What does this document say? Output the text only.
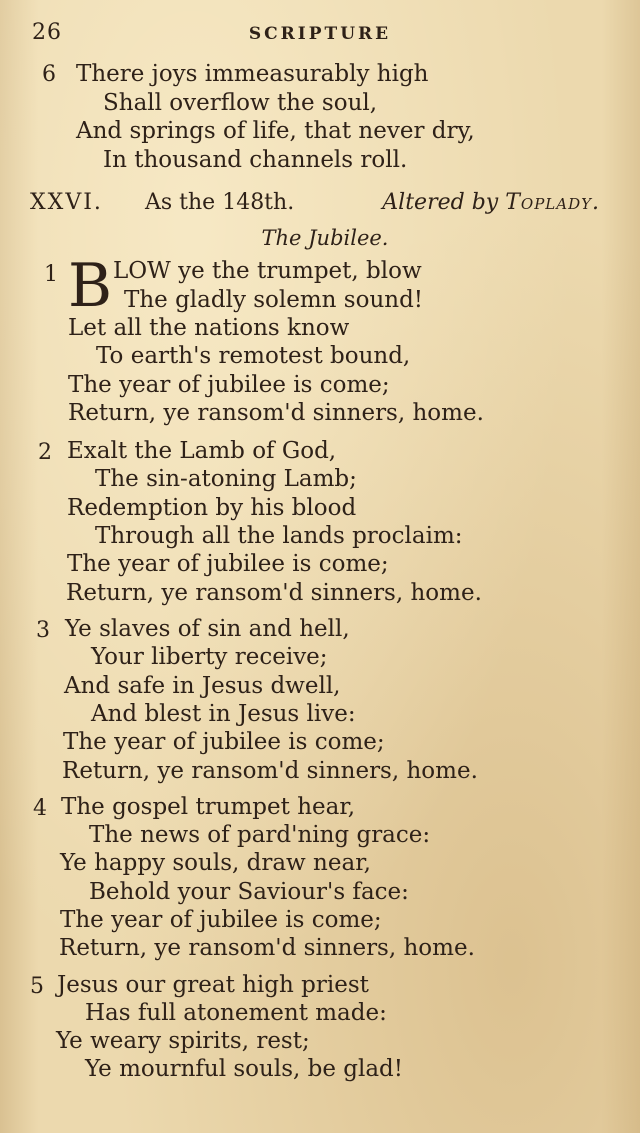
26	SCRIPTURE
6 There joys immeasurably high
Shall overflow the soul,
And springs of life, that never dry,
In thousand channels roll.
XXVI. As the 148th.	Altered by Toplady.
The Jubilee.
1 B LOW ye the trumpet, blow
The gladly solemn sound!
Let all the nations know
To earth's remotest bound,
The year of jubilee is come;
Return, ye ransom'd sinners, home.
2 Exalt the Lamb of God,
The sin-atoning Lamb;
Redemption by his blood
Through all the lands proclaim:
The year of jubilee is come;
Return, ye ransom'd sinners, home.
3 Ye slaves of sin and hell,
Your liberty receive;
And safe in Jesus dwell,
And blest in Jesus live:
The year of jubilee is come;
Return, ye ransom'd sinners, home.
4 The gospel trumpet hear,
The news of pard'ning grace:
Ye happy souls, draw near,
Behold your Saviour's face:
The year of jubilee is come;
Return, ye ransom'd sinners, home.
5 Jesus our great high priest
Has full atonement made:
Ye weary spirits, rest;
Ye mournful souls, be glad!
